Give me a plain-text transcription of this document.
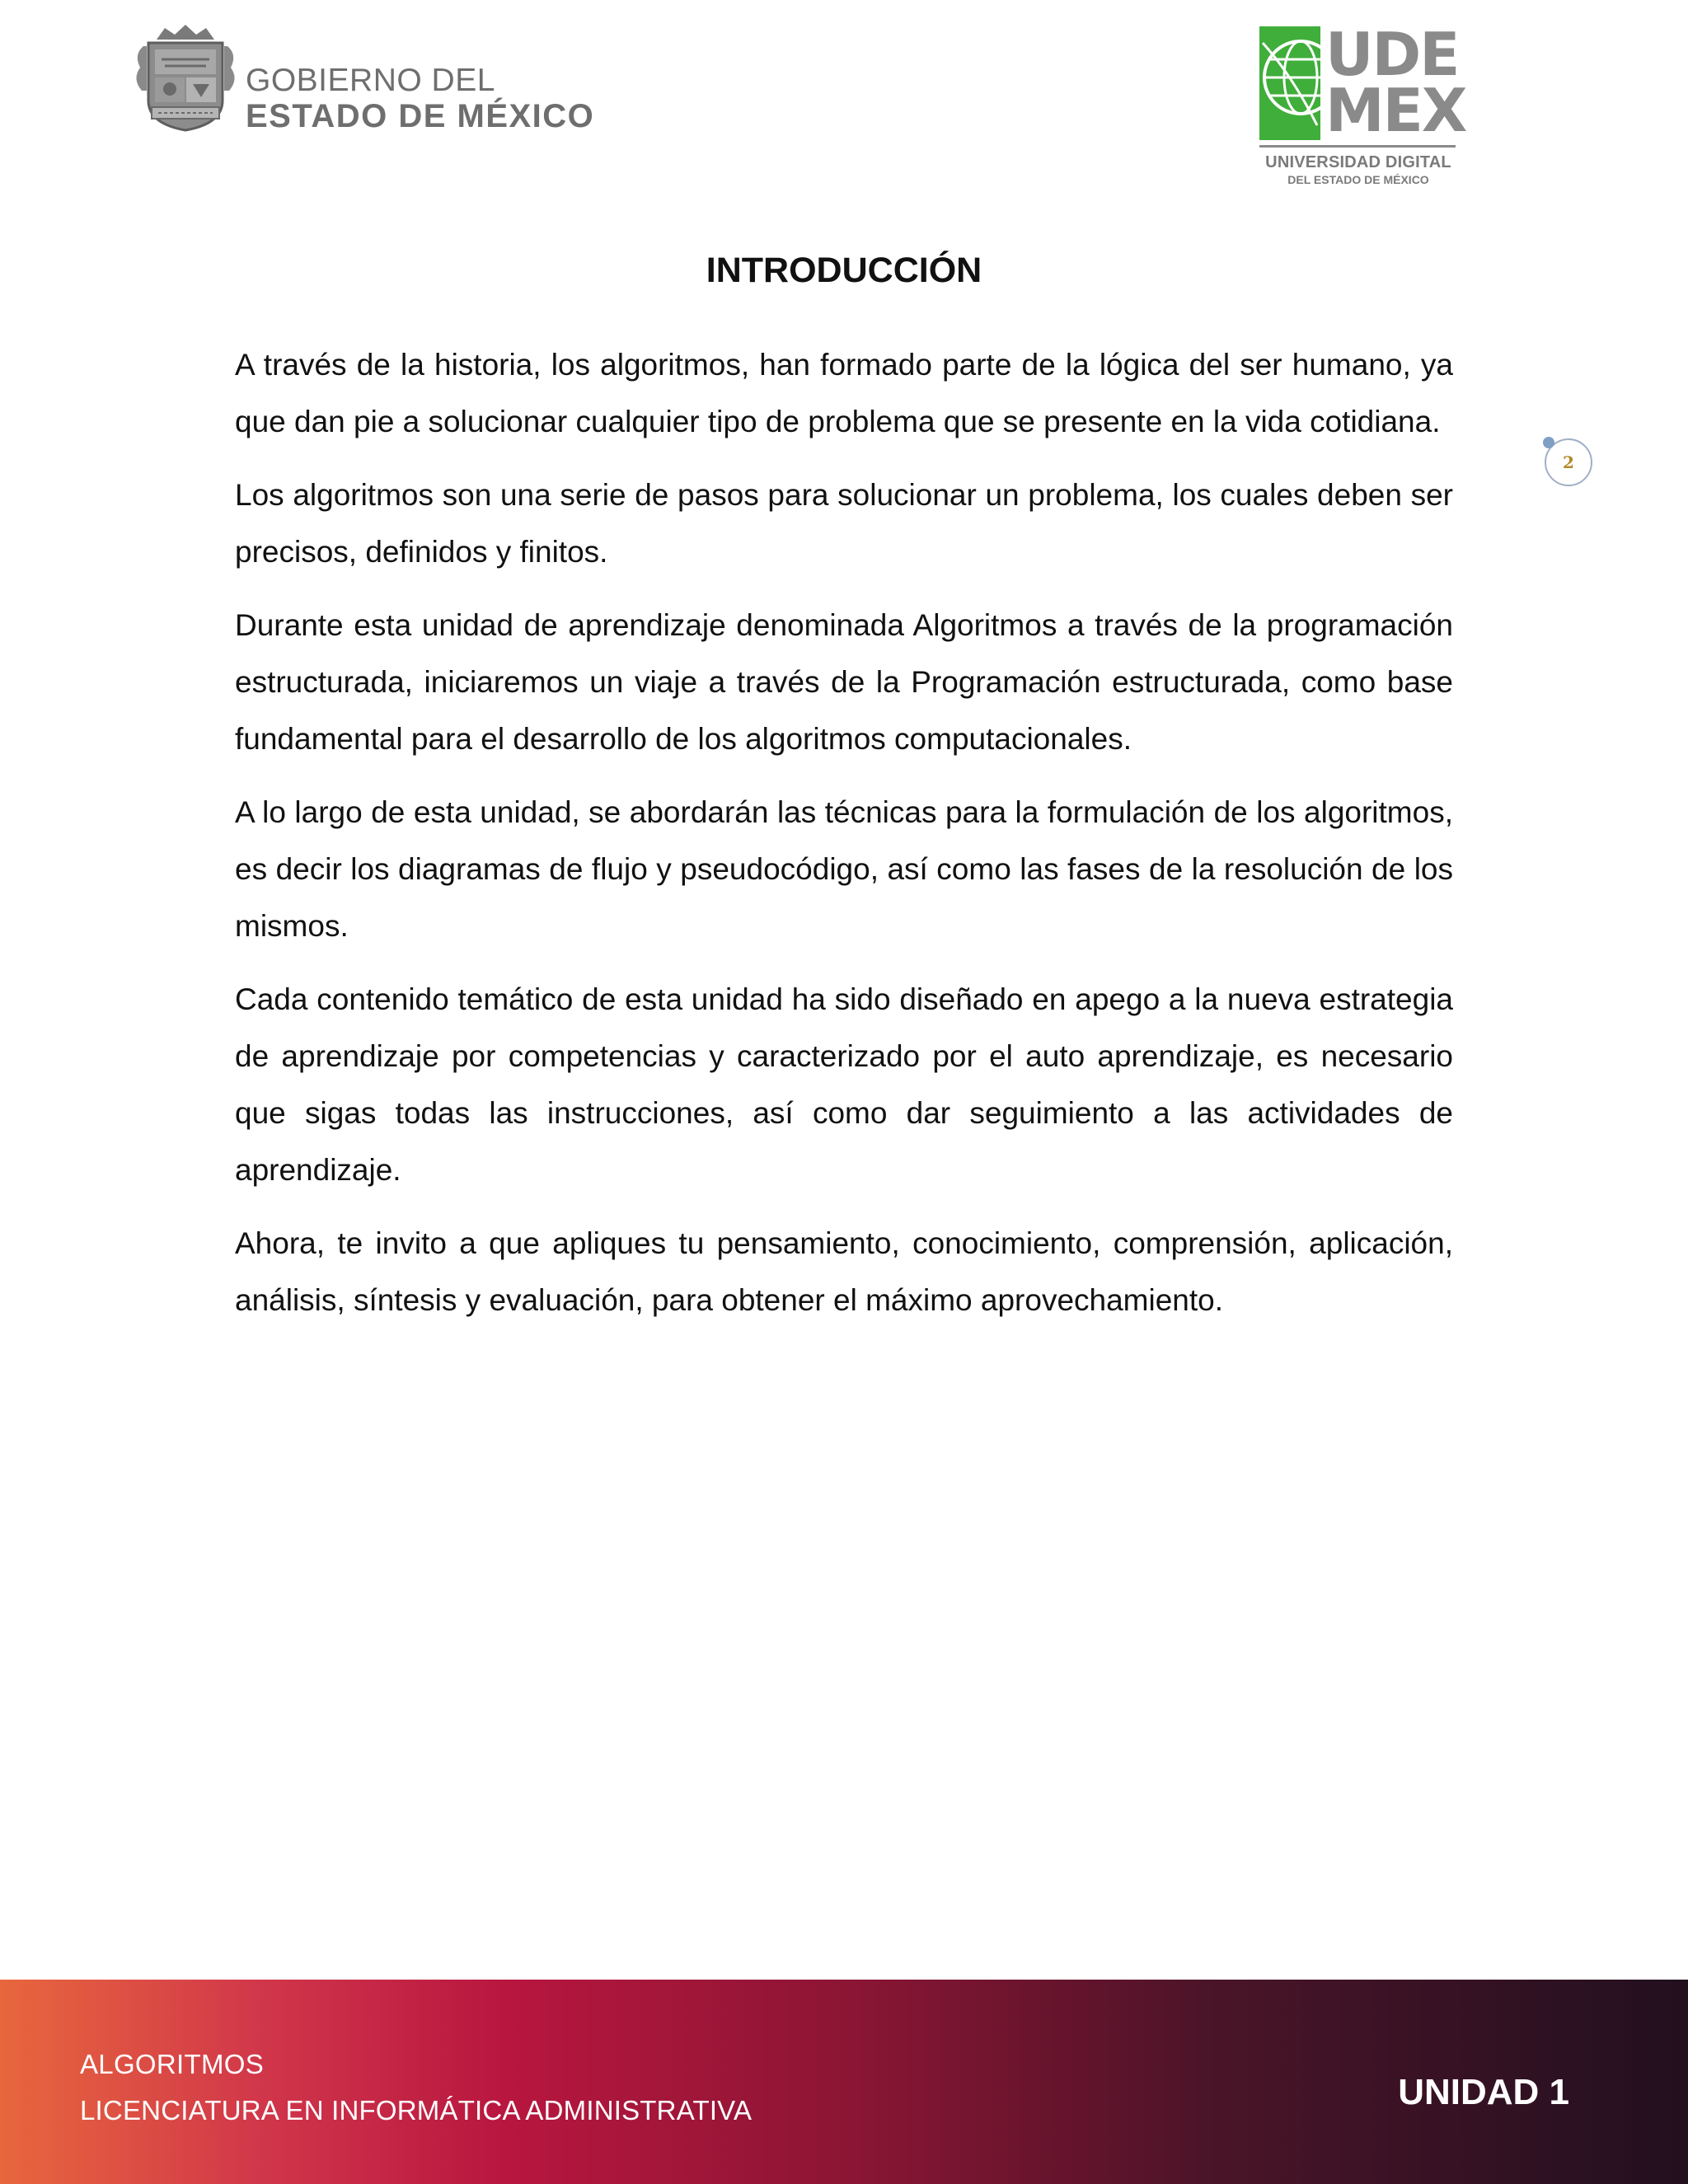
GOBIERNO DEL
ESTADO DE MÉXICO
UDE
MEX
UNIVERSIDAD DIGITAL
DEL ESTADO DE MÉXICO
2
INTRODUCCIÓN

A través de la historia, los algoritmos, han formado parte de la lógica del ser humano, ya que dan pie a solucionar cualquier tipo de problema que se presente en la vida cotidiana.

Los algoritmos son una serie de pasos para solucionar un problema, los cuales deben ser precisos, definidos y finitos.

Durante esta unidad de aprendizaje denominada Algoritmos a través de la programación estructurada, iniciaremos un viaje a través de la Programación estructurada, como base fundamental para el desarrollo de los algoritmos computacionales.

A lo largo de esta unidad, se abordarán las técnicas para la formulación de los algoritmos, es decir los diagramas de flujo y pseudocódigo, así como las fases de la resolución de los mismos.

Cada contenido temático de esta unidad ha sido diseñado en apego a la nueva estrategia de aprendizaje por competencias y caracterizado por el auto aprendizaje, es necesario que sigas todas las instrucciones, así como dar seguimiento a las actividades de aprendizaje.

Ahora, te invito a que apliques tu pensamiento, conocimiento, comprensión, aplicación, análisis, síntesis y evaluación, para obtener el máximo aprovechamiento.

ALGORITMOS
LICENCIATURA EN INFORMÁTICA ADMINISTRATIVA	UNIDAD 1
